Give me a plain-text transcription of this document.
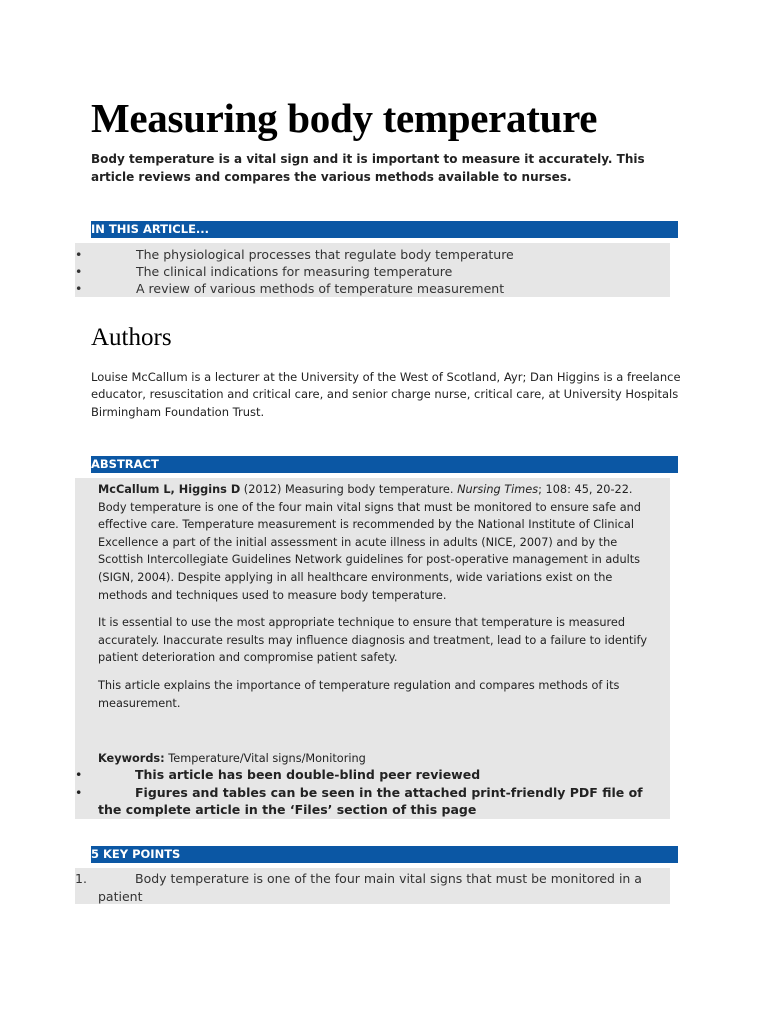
Measuring body temperature

Body temperature is a vital sign and it is important to measure it accurately. This article reviews and compares the various methods available to nurses.

IN THIS ARTICLE...
•	The physiological processes that regulate body temperature
•	The clinical indications for measuring temperature
•	A review of various methods of temperature measurement
Authors

Louise McCallum is a lecturer at the University of the West of Scotland, Ayr; Dan Higgins is a freelance educator, resuscitation and critical care, and senior charge nurse, critical care, at University Hospitals Birmingham Foundation Trust.

ABSTRACT
•	This article has been double-blind peer reviewed
•	Figures and tables can be seen in the attached print-friendly PDF file of the complete article in the ‘Files’ section of this page

McCallum L, Higgins D (2012) Measuring body temperature. Nursing Times; 108: 45, 20-22.
Body temperature is one of the four main vital signs that must be monitored to ensure safe and effective care. Temperature measurement is recommended by the National Institute of Clinical Excellence a part of the initial assessment in acute illness in adults (NICE, 2007) and by the Scottish Intercollegiate Guidelines Network guidelines for post-operative management in adults (SIGN, 2004). Despite applying in all healthcare environments, wide variations exist on the methods and techniques used to measure body temperature.

It is essential to use the most appropriate technique to ensure that temperature is measured accurately. Inaccurate results may influence diagnosis and treatment, lead to a failure to identify patient deterioration and compromise patient safety.

This article explains the importance of temperature regulation and compares methods of its measurement.

Keywords: Temperature/Vital signs/Monitoring

5 KEY POINTS
1.	Body temperature is one of the four main vital signs that must be monitored in a patient
